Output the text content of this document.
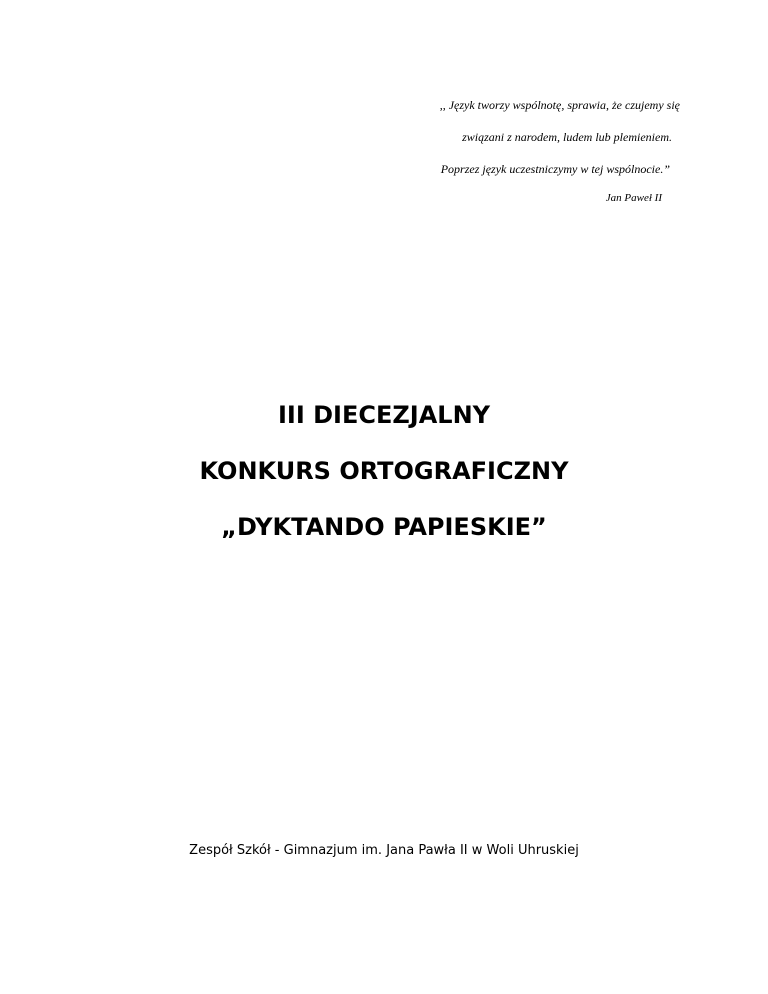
,, Język tworzy wspólnotę, sprawia, że czujemy się

związani z narodem, ludem lub plemieniem.

Poprzez język uczestniczymy w tej wspólnocie.”

Jan Paweł II

III DIECEZJALNY
KONKURS ORTOGRAFICZNY
„DYKTANDO PAPIESKIE”

Zespół Szkół - Gimnazjum im. Jana Pawła II w Woli Uhruskiej
